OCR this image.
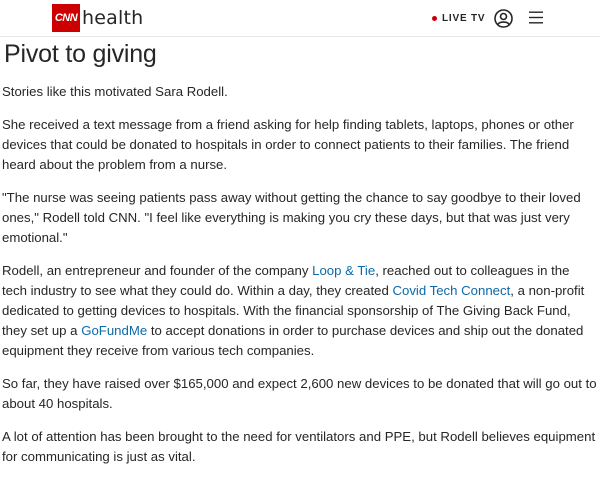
CNN health	LIVE TV
Pivot to giving

Stories like this motivated Sara Rodell.

She received a text message from a friend asking for help finding tablets, laptops, phones or other devices that could be donated to hospitals in order to connect patients to their families. The friend heard about the problem from a nurse.

"The nurse was seeing patients pass away without getting the chance to say goodbye to their loved ones," Rodell told CNN. "I feel like everything is making you cry these days, but that was just very emotional."

Rodell, an entrepreneur and founder of the company Loop & Tie, reached out to colleagues in the tech industry to see what they could do. Within a day, they created Covid Tech Connect, a non-profit dedicated to getting devices to hospitals. With the financial sponsorship of The Giving Back Fund, they set up a GoFundMe to accept donations in order to purchase devices and ship out the donated equipment they receive from various tech companies.

So far, they have raised over $165,000 and expect 2,600 new devices to be donated that will go out to about 40 hospitals.

A lot of attention has been brought to the need for ventilators and PPE, but Rodell believes equipment for communicating is just as vital.
